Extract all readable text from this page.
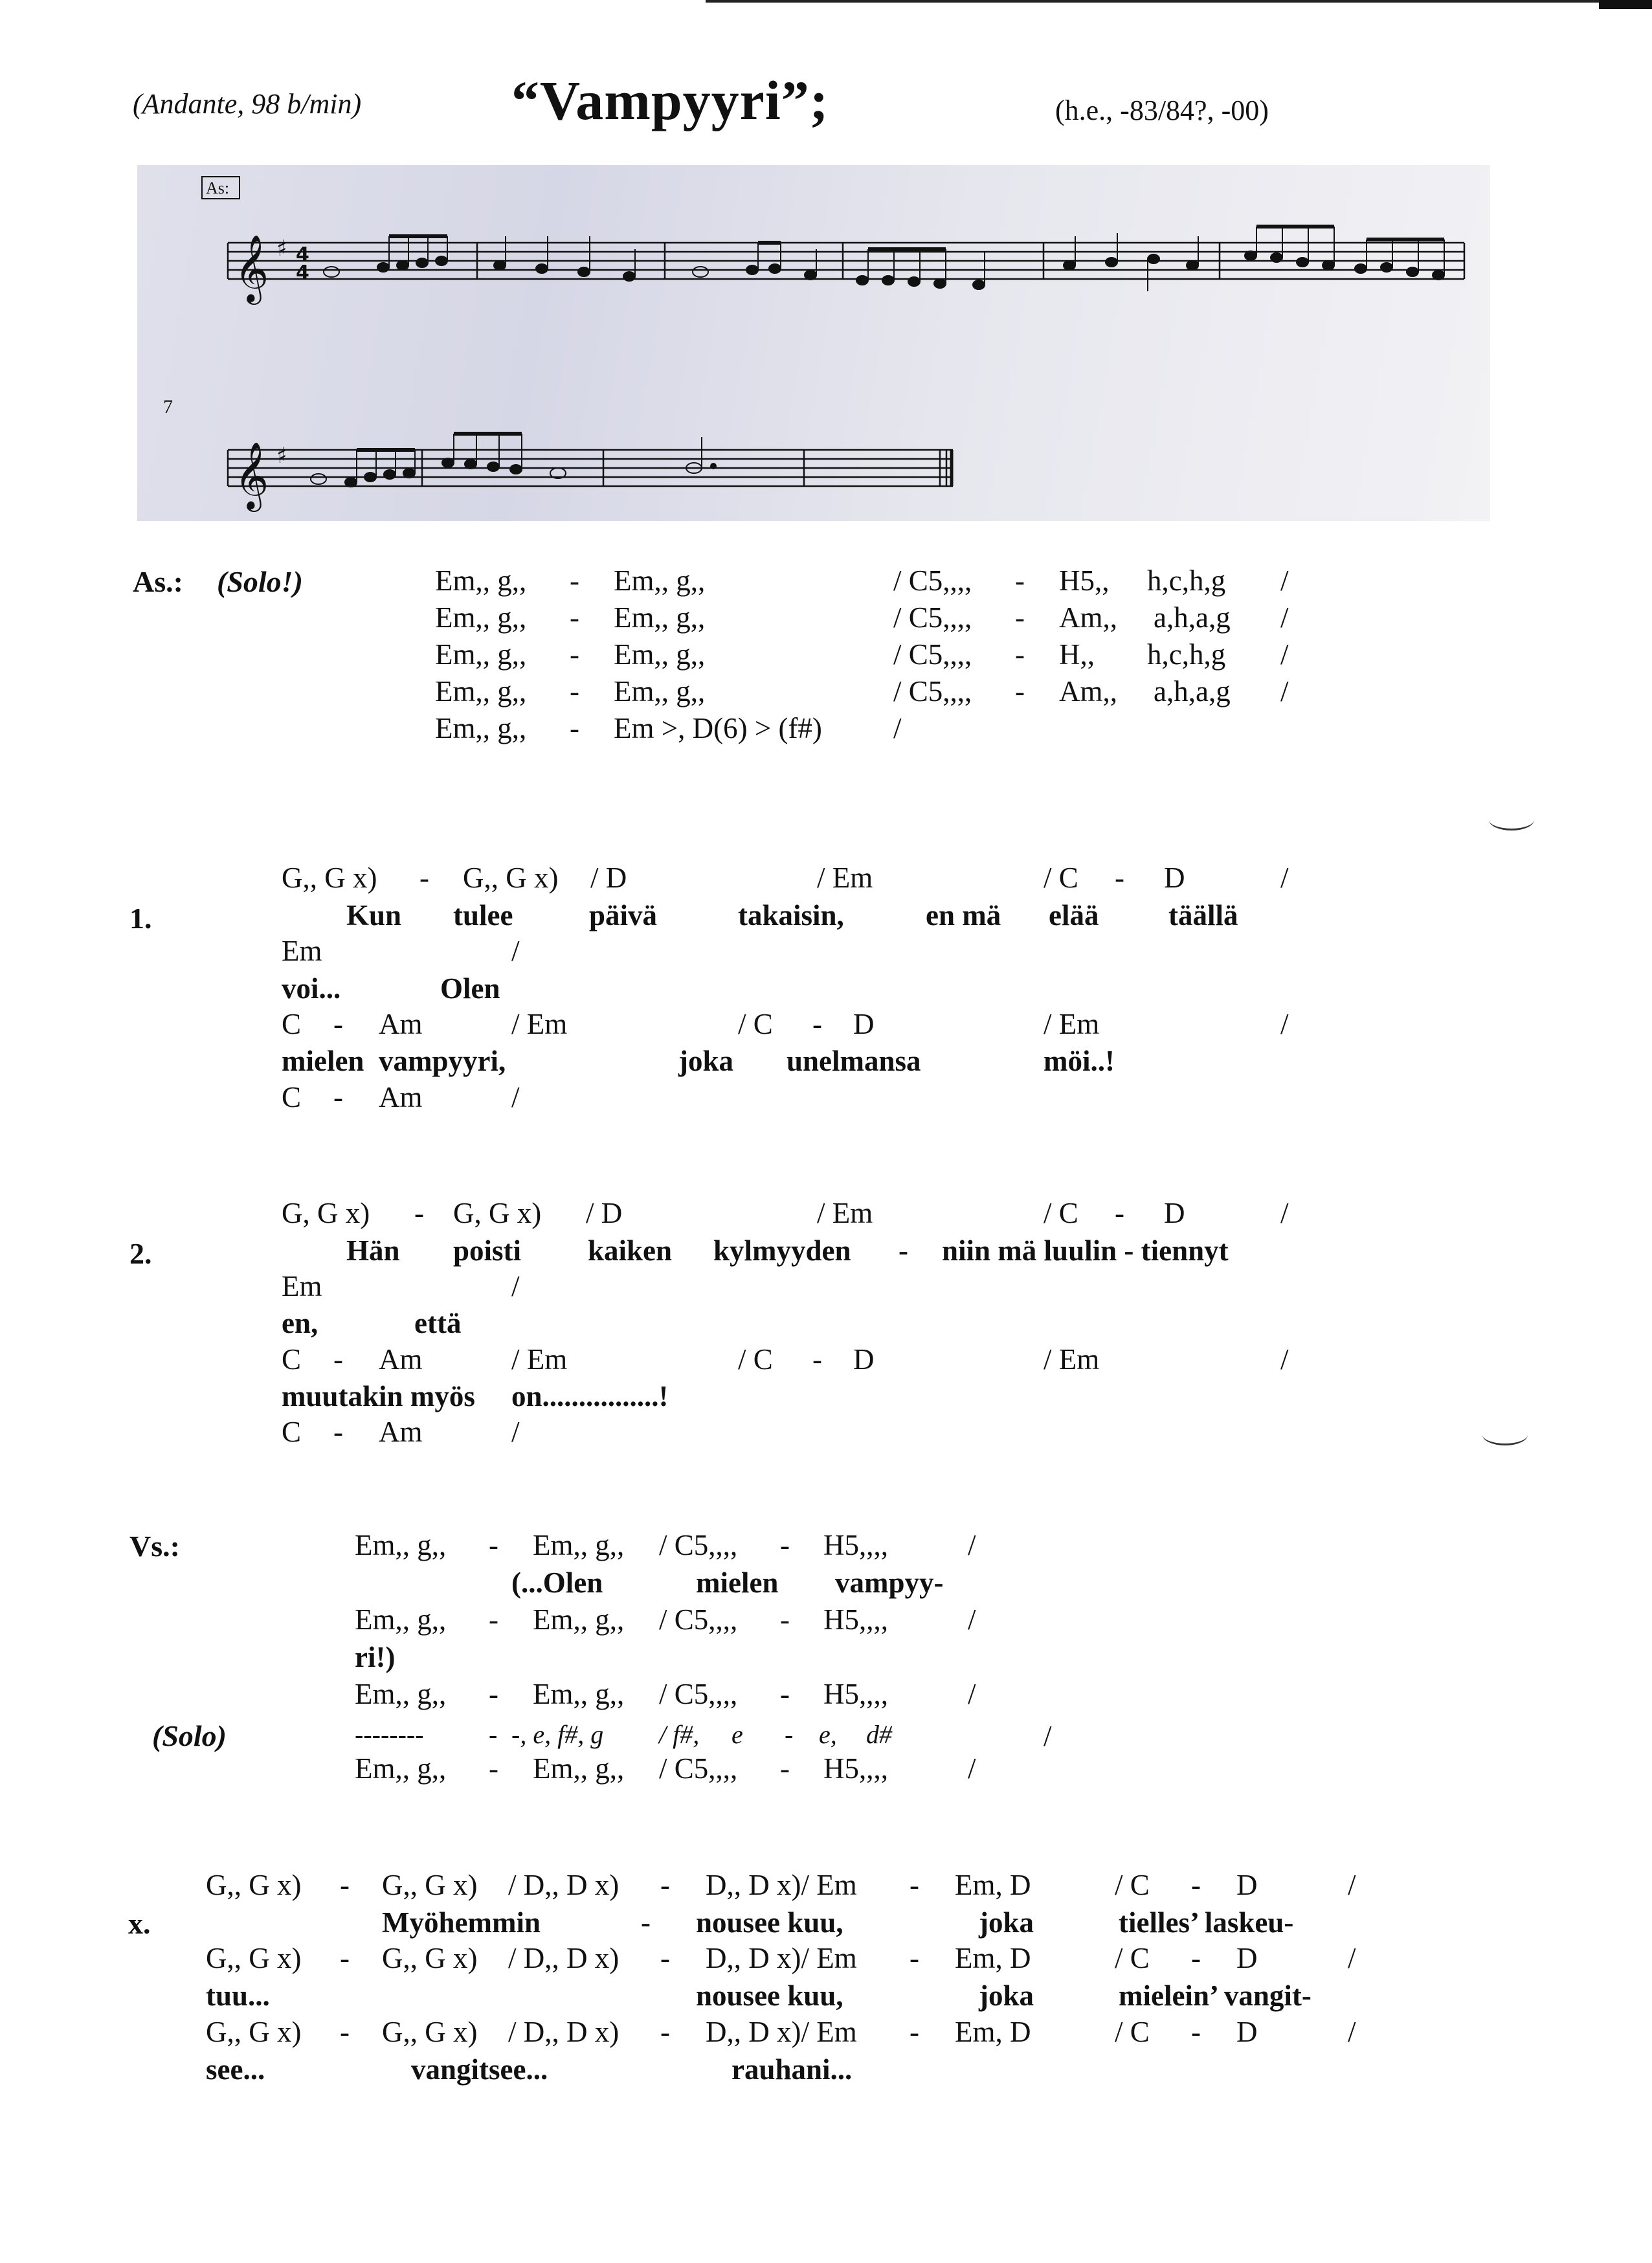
(Andante, 98 b/min)	“Vampyyri”;	(h.e., -83/84?, -00)
𝄞
𝄞
♯
♯
4
4
As:
7
As.: (Solo!)	Em,, g,, - Em,, g,,	/ C5,,,, - H5,, h,c,h,g /
Em,, g,, - Em,, g,,	/ C5,,,, - Am,, a,h,a,g /
Em,, g,, - Em,, g,,	/ C5,,,, - H,, h,c,h,g /
Em,, g,, - Em,, g,,	/ C5,,,, - Am,, a,h,a,g /
Em,, g,, - Em >, D(6) > (f#) /
1.
G,, G x) - G,, G x) / D	/ Em	/ C - D	/
Kun tulee	päivä	takaisin,	en mä elää täällä
Em	/
voi...	Olen
C - Am	/ Em	/ C - D	/ Em	/
mielen vampyyri,	joka unelmansa	möi..!
C - Am	/
2.
G, G x) - G, G x) / D	/ Em	/ C - D	/
Hän poisti kaiken kylmyyden - niin mä luulin - tiennyt
Em	/
en,	että
C - Am	/ Em	/ C - D	/ Em	/
muutakin myös on................!
C - Am	/
Vs.:
(Solo)
Em,, g,, - Em,, g,, / C5,,,, - H5,,,,	/
(...Olen	mielen vampyy-
Em,, g,, - Em,, g,, / C5,,,, - H5,,,,	/
ri!)
Em,, g,, - Em,, g,, / C5,,,, - H5,,,,	/
--------	- -, e, f#, g / f#, e - e, d#	/
Em,, g,, - Em,, g,, / C5,,,, - H5,,,,	/
x.
G,, G x) - G,, G x) / D,, D x) - D,, D x)/ Em - Em, D	/ C - D	/
Myöhemmin	- nousee kuu,	joka	tielles’ laskeu-
G,, G x) - G,, G x) / D,, D x) - D,, D x)/ Em - Em, D	/ C - D	/
tuu...	nousee kuu,	joka	mielein’ vangit-
G,, G x) - G,, G x) / D,, D x) - D,, D x)/ Em - Em, D	/ C - D	/
see...	vangitsee...	rauhani...
